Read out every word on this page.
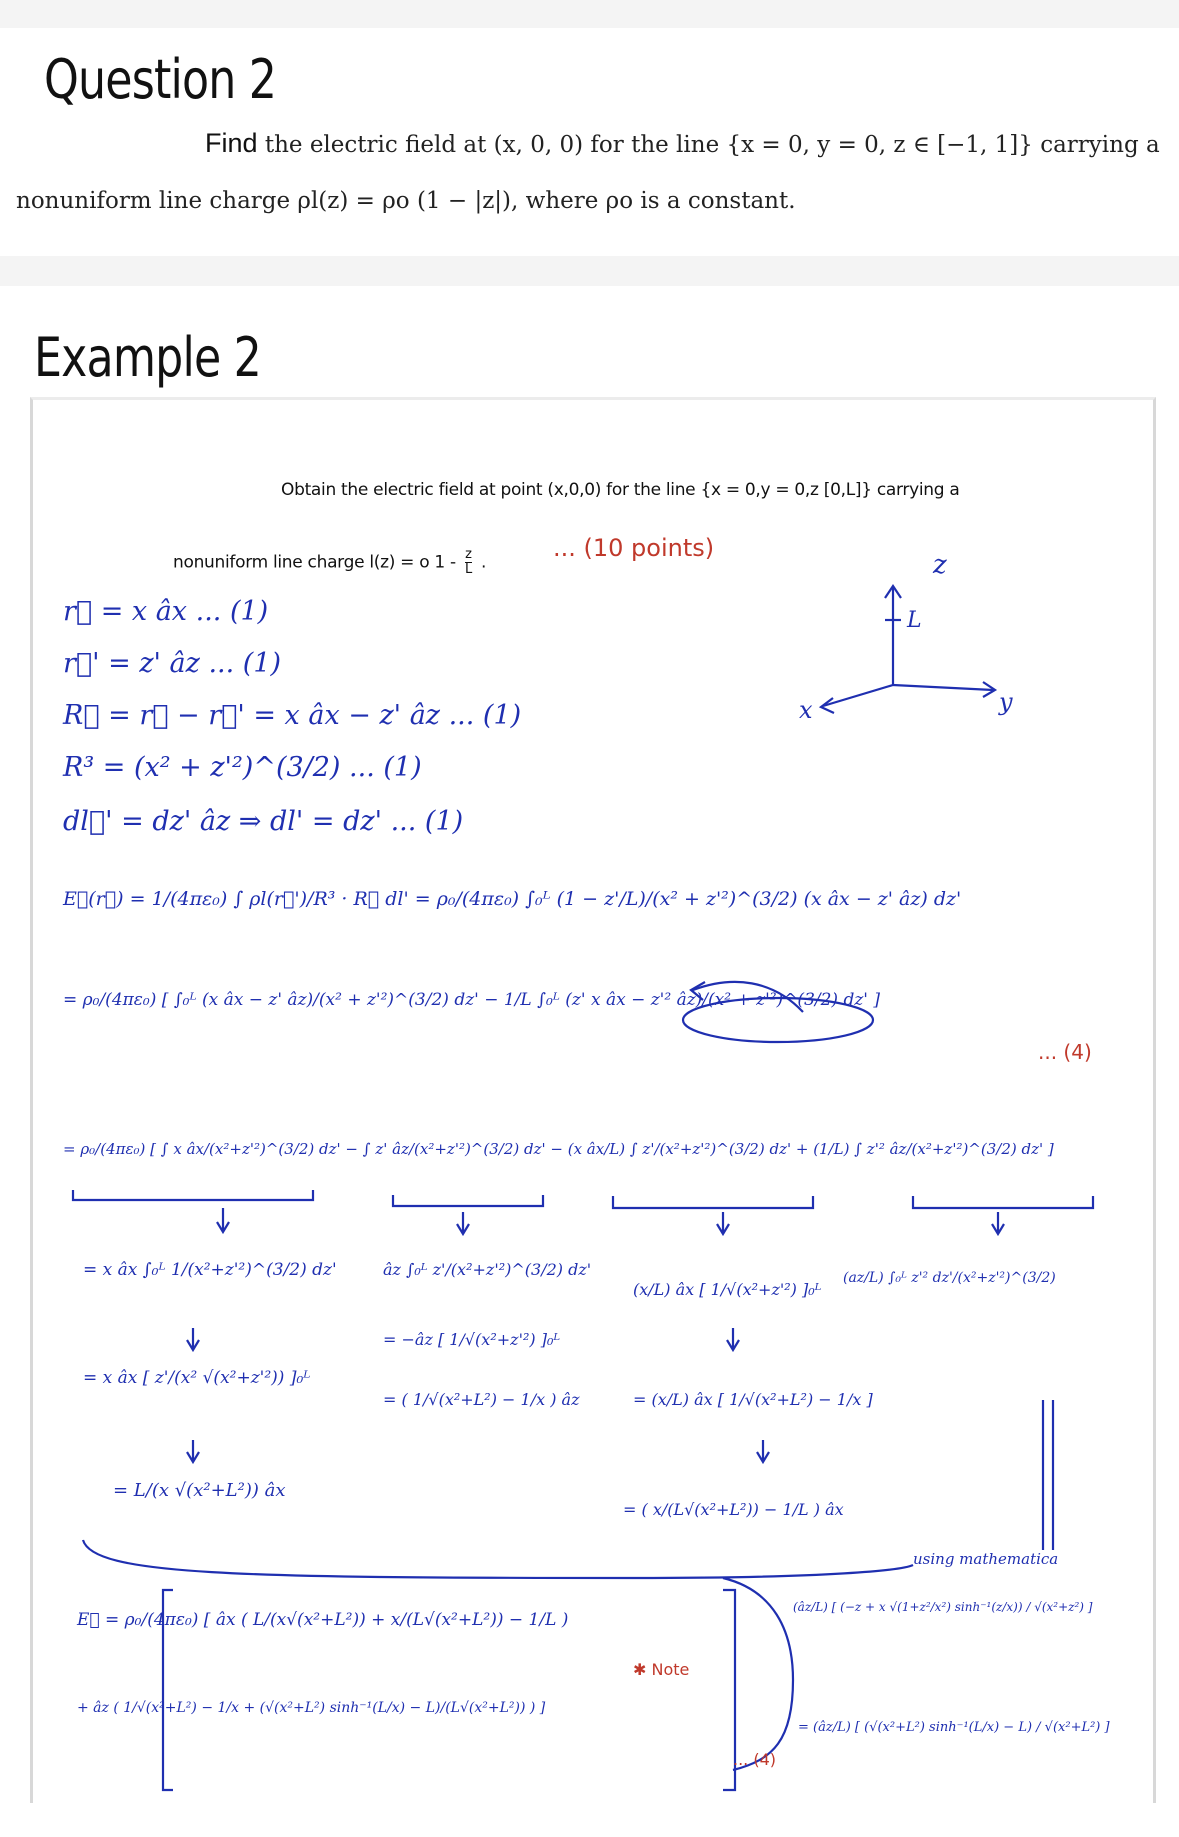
Question 2
Find the electric field at (x, 0, 0) for the line {x = 0, y = 0, z ∈ [−1, 1]} carrying a
nonuniform line charge ρl(z) = ρo (1 − |z|), where ρo is a constant.
Example 2
Obtain the electric field at point (x,0,0) for the line {x = 0,y = 0,z [0,L]} carrying a
nonuniform line charge l(z) = o $1 - \frac{z}{L}$ .
... (10 points)
z
L
x	y
r⃗ = x âx ... (1)
r⃗' = z' âz ... (1)
R⃗ = r⃗ − r⃗' = x âx − z' âz ... (1)
R³ = (x² + z'²)^(3/2) ... (1)
dl⃗' = dz' âz ⇒ dl' = dz' ... (1)
E⃗(r⃗) = 1/(4πε₀) ∫ ρl(r⃗')/R³ · R⃗ dl' = ρ₀/(4πε₀) ∫₀ᴸ (1 − z'/L)/(x² + z'²)^(3/2) (x âx − z' âz) dz'
... (4)
= ρ₀/(4πε₀) [ ∫₀ᴸ (x âx − z' âz)/(x² + z'²)^(3/2) dz' − 1/L ∫₀ᴸ (z' x âx − z'² âz)/(x² + z'²)^(3/2) dz' ]
= ρ₀/(4πε₀) [ ∫ x âx/(x²+z'²)^(3/2) dz' − ∫ z' âz/(x²+z'²)^(3/2) dz' − (x âx/L) ∫ z'/(x²+z'²)^(3/2) dz' + (1/L) ∫ z'² âz/(x²+z'²)^(3/2) dz' ]
= x âx ∫₀ᴸ 1/(x²+z'²)^(3/2) dz'
= x âx [ z'/(x² √(x²+z'²)) ]₀ᴸ
= L/(x √(x²+L²)) âx
âz ∫₀ᴸ z'/(x²+z'²)^(3/2) dz'
= −âz [ 1/√(x²+z'²) ]₀ᴸ
= ( 1/√(x²+L²) − 1/x ) âz
(x/L) âx [ 1/√(x²+z'²) ]₀ᴸ
= (x/L) âx [ 1/√(x²+L²) − 1/x ]
= ( x/(L√(x²+L²)) − 1/L ) âx
(az/L) ∫₀ᴸ z'² dz'/(x²+z'²)^(3/2)
using mathematica
(âz/L) [ (−z + x √(1+z²/x²) sinh⁻¹(z/x)) / √(x²+z²) ]
= (âz/L) [ (√(x²+L²) sinh⁻¹(L/x) − L) / √(x²+L²) ]
E⃗ = ρ₀/(4πε₀) [ âx ( L/(x√(x²+L²)) + x/(L√(x²+L²)) − 1/L )
+ âz ( 1/√(x²+L²) − 1/x + (√(x²+L²) sinh⁻¹(L/x) − L)/(L√(x²+L²)) ) ]
... (4)
✱ Note
